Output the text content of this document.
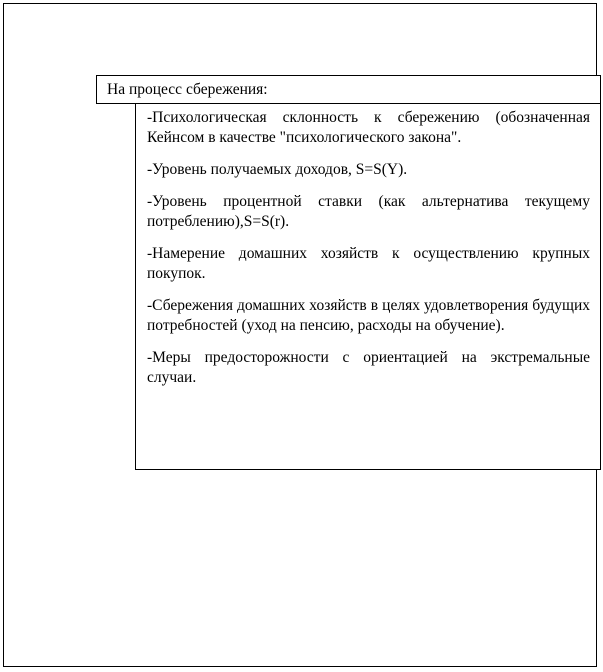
На процесс сбережения:

-Психологическая склонность к сбережению (обозначенная Кейнсом в качестве "психологического закона".

-Уровень получаемых доходов, S=S(Y).

-Уровень процентной ставки (как альтернатива текущему потреблению),S=S(r).

-Намерение домашних хозяйств к осуществлению крупных покупок.

-Сбережения домашних хозяйств в целях удовлетворения будущих потребностей (уход на пенсию, расходы на обучение).

-Меры предосторожности с ориентацией на экстремальные случаи.
